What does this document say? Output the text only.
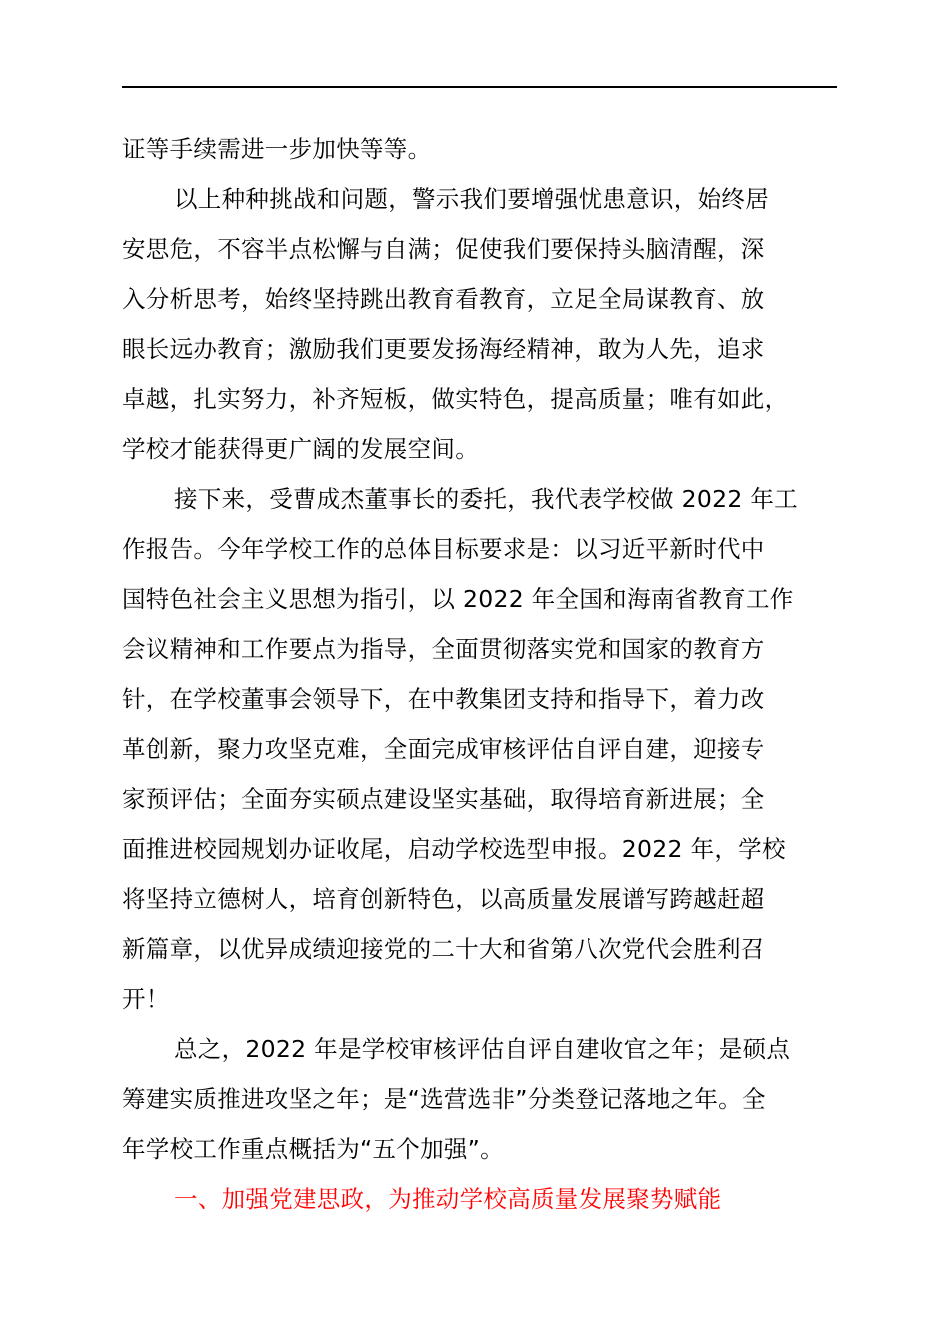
证等手续需进一步加快等等。
以上种种挑战和问题，警示我们要增强忧患意识，始终居
安思危，不容半点松懈与自满；促使我们要保持头脑清醒，深
入分析思考，始终坚持跳出教育看教育，立足全局谋教育、放
眼长远办教育；激励我们更要发扬海经精神，敢为人先，追求
卓越，扎实努力，补齐短板，做实特色，提高质量；唯有如此，
学校才能获得更广阔的发展空间。
接下来，受曹成杰董事长的委托，我代表学校做 2022 年工
作报告。今年学校工作的总体目标要求是：以习近平新时代中
国特色社会主义思想为指引，以 2022 年全国和海南省教育工作
会议精神和工作要点为指导，全面贯彻落实党和国家的教育方
针，在学校董事会领导下，在中教集团支持和指导下，着力改
革创新，聚力攻坚克难，全面完成审核评估自评自建，迎接专
家预评估；全面夯实硕点建设坚实基础，取得培育新进展；全
面推进校园规划办证收尾，启动学校选型申报。2022 年，学校
将坚持立德树人，培育创新特色，以高质量发展谱写跨越赶超
新篇章，以优异成绩迎接党的二十大和省第八次党代会胜利召
开！
总之，2022 年是学校审核评估自评自建收官之年；是硕点
筹建实质推进攻坚之年；是“选营选非”分类登记落地之年。全
年学校工作重点概括为“五个加强”。
一、加强党建思政，为推动学校高质量发展聚势赋能
